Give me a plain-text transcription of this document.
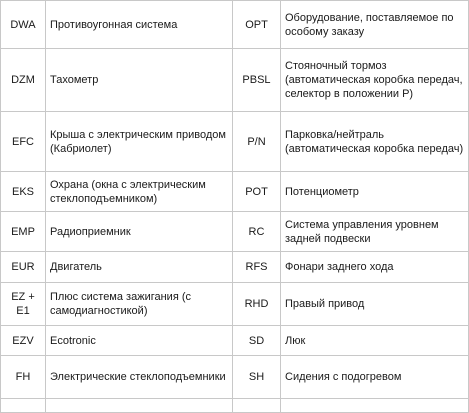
DWA	Противоугонная система	OPT	Оборудование, поставляемое по особому заказу
DZM	Тахометр	PBSL	Стояночный тормоз (автоматическая коробка передач, селектор в положении Р)
EFC	Крыша с электрическим приводом (Кабриолет)	P/N	Парковка/нейтраль (автоматическая коробка передач)
EKS	Охрана (окна с электрическим стеклоподъемником)	POT	Потенциометр
EMP	Радиоприемник	RC	Система управления уровнем задней подвески
EUR	Двигатель	RFS	Фонари заднего хода
EZ + E1	Плюс система зажигания (с самодиагностикой)	RHD	Правый привод
EZV	Ecotronic	SD	Люк
FH	Электрические стеклоподъемники	SH	Сидения с подогревом
